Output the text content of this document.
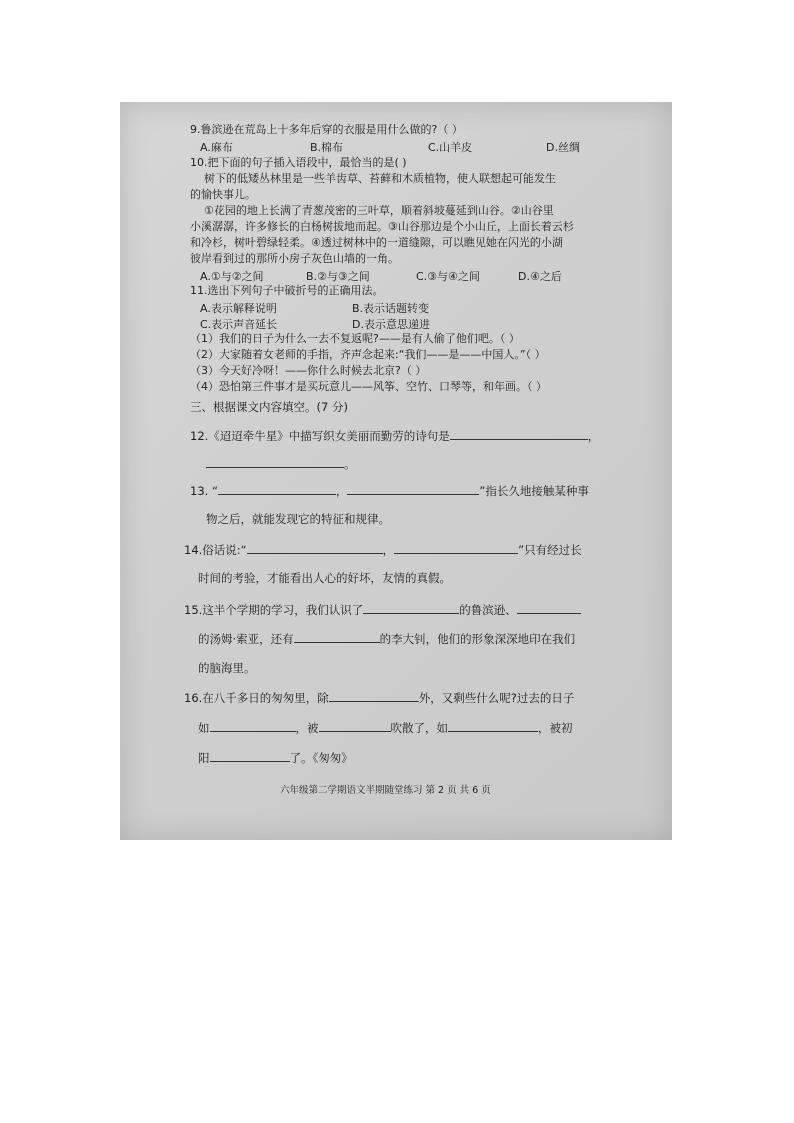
9.鲁滨逊在荒岛上十多年后穿的衣服是用什么做的?（ ）
A.麻布	B.棉布	C.山羊皮	D.丝绸
10.把下面的句子插入语段中，最恰当的是( )
树下的低矮丛林里是一些羊齿草、苔藓和木质植物，使人联想起可能发生
的愉快事儿。
①花园的地上长满了青葱茂密的三叶草，顺着斜坡蔓延到山谷。②山谷里
小溪潺潺，许多修长的白杨树拔地而起。③山谷那边是个小山丘，上面长着云杉
和冷杉，树叶碧绿轻柔。④透过树林中的一道缝隙，可以瞧见她在闪光的小湖
彼岸看到过的那所小房子灰色山墙的一角。
A.①与②之间	B.②与③之间	C.③与④之间	D.④之后
11.选出下列句子中破折号的正确用法。
A.表示解释说明	B.表示话题转变
C.表示声音延长	D.表示意思递进
（1）我们的日子为什么一去不复返呢?——是有人偷了他们吧。（ ）
（2）大家随着女老师的手指，齐声念起来:“我们——是——中国人。”（ ）
（3）今天好冷呀！——你什么时候去北京?（ ）
（4）恐怕第三件事才是买玩意儿——风筝、空竹、口琴等，和年画。（ ）
三、根据课文内容填空。(7 分)
12.《迢迢牵牛星》中描写织女美丽而勤劳的诗句是	，
。
13. “	，	”指长久地接触某种事
物之后，就能发现它的特征和规律。
14.俗话说:“	，	”只有经过长
时间的考验，才能看出人心的好坏，友情的真假。
15.这半个学期的学习，我们认识了	的鲁滨逊、
的汤姆·索亚，还有	的李大钊，他们的形象深深地印在我们
的脑海里。
16.在八千多日的匆匆里，除	外，又剩些什么呢?过去的日子
如	，被	吹散了，如	，被初
阳	了。《匆匆》
六年级第二学期语文半期随堂练习 第 2 页 共 6 页
